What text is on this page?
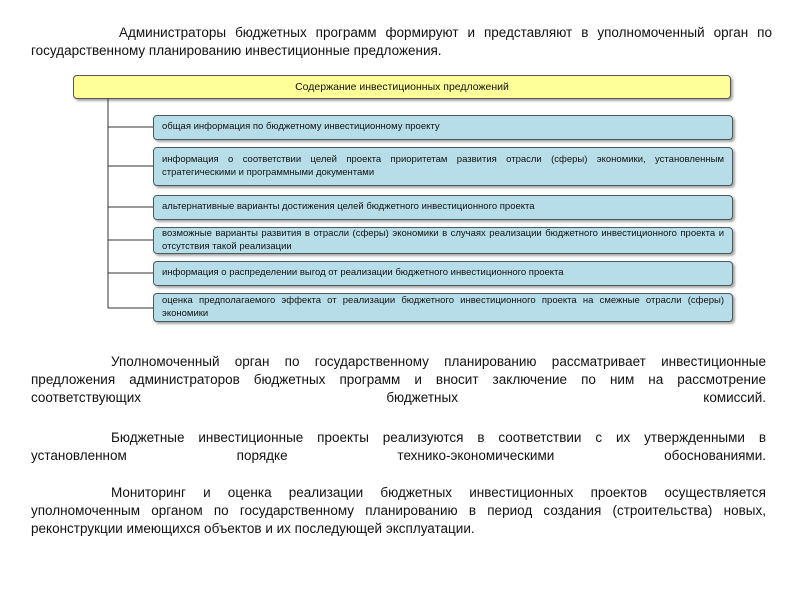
Администраторы бюджетных программ формируют и представляют в уполномоченный орган по государственному планированию инвестиционные предложения.

Содержание инвестиционных предложений
общая информация по бюджетному инвестиционному проекту
информация о соответствии целей проекта приоритетам развития отрасли (сферы) экономики, установленным стратегическими и программными документами
альтернативные варианты достижения целей бюджетного инвестиционного проекта
возможные варианты развития в отрасли (сферы) экономики в случаях реализации бюджетного инвестиционного проекта и отсутствия такой реализации
информация о распределении выгод от реализации бюджетного инвестиционного проекта
оценка предполагаемого эффекта от реализации бюджетного инвестиционного проекта на смежные отрасли (сферы) экономики

Уполномоченный орган по государственному планированию рассматривает инвестиционные предложения администраторов бюджетных программ и вносит заключение по ним на рассмотрение соответствующих бюджетных комиссий.

Бюджетные инвестиционные проекты реализуются в соответствии с их утвержденными в установленном порядке технико-экономическими обоснованиями.

Мониторинг и оценка реализации бюджетных инвестиционных проектов осуществляется уполномоченным органом по государственному планированию в период создания (строительства) новых, реконструкции имеющихся объектов и их последующей эксплуатации.
